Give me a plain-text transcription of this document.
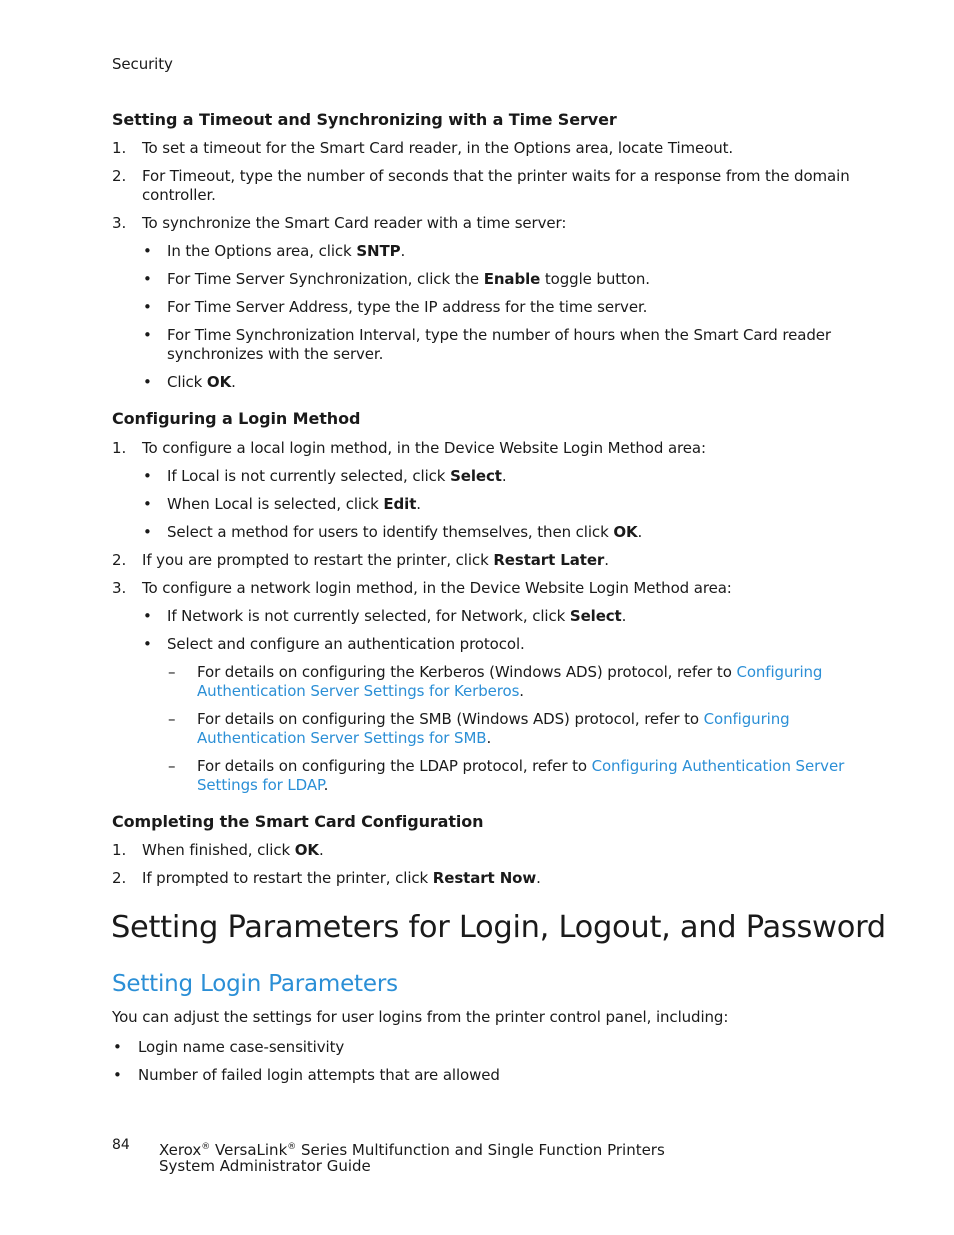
Security
Setting a Timeout and Synchronizing with a Time Server
1. To set a timeout for the Smart Card reader, in the Options area, locate Timeout.
2. For Timeout, type the number of seconds that the printer waits for a response from the domain
controller.
3. To synchronize the Smart Card reader with a time server:
• In the Options area, click SNTP.
• For Time Server Synchronization, click the Enable toggle button.
• For Time Server Address, type the IP address for the time server.
• For Time Synchronization Interval, type the number of hours when the Smart Card reader
synchronizes with the server.
• Click OK.
Configuring a Login Method
1. To configure a local login method, in the Device Website Login Method area:
• If Local is not currently selected, click Select.
• When Local is selected, click Edit.
• Select a method for users to identify themselves, then click OK.
2. If you are prompted to restart the printer, click Restart Later.
3. To configure a network login method, in the Device Website Login Method area:
• If Network is not currently selected, for Network, click Select.
• Select and configure an authentication protocol.
– For details on configuring the Kerberos (Windows ADS) protocol, refer to Configuring
Authentication Server Settings for Kerberos.
– For details on configuring the SMB (Windows ADS) protocol, refer to Configuring
Authentication Server Settings for SMB.
– For details on configuring the LDAP protocol, refer to Configuring Authentication Server
Settings for LDAP.
Completing the Smart Card Configuration
1. When finished, click OK.
2. If prompted to restart the printer, click Restart Now.
Setting Parameters for Login, Logout, and Password
Setting Login Parameters
You can adjust the settings for user logins from the printer control panel, including:
• Login name case-sensitivity
• Number of failed login attempts that are allowed
84 Xerox® VersaLink® Series Multifunction and Single Function Printers
System Administrator Guide
